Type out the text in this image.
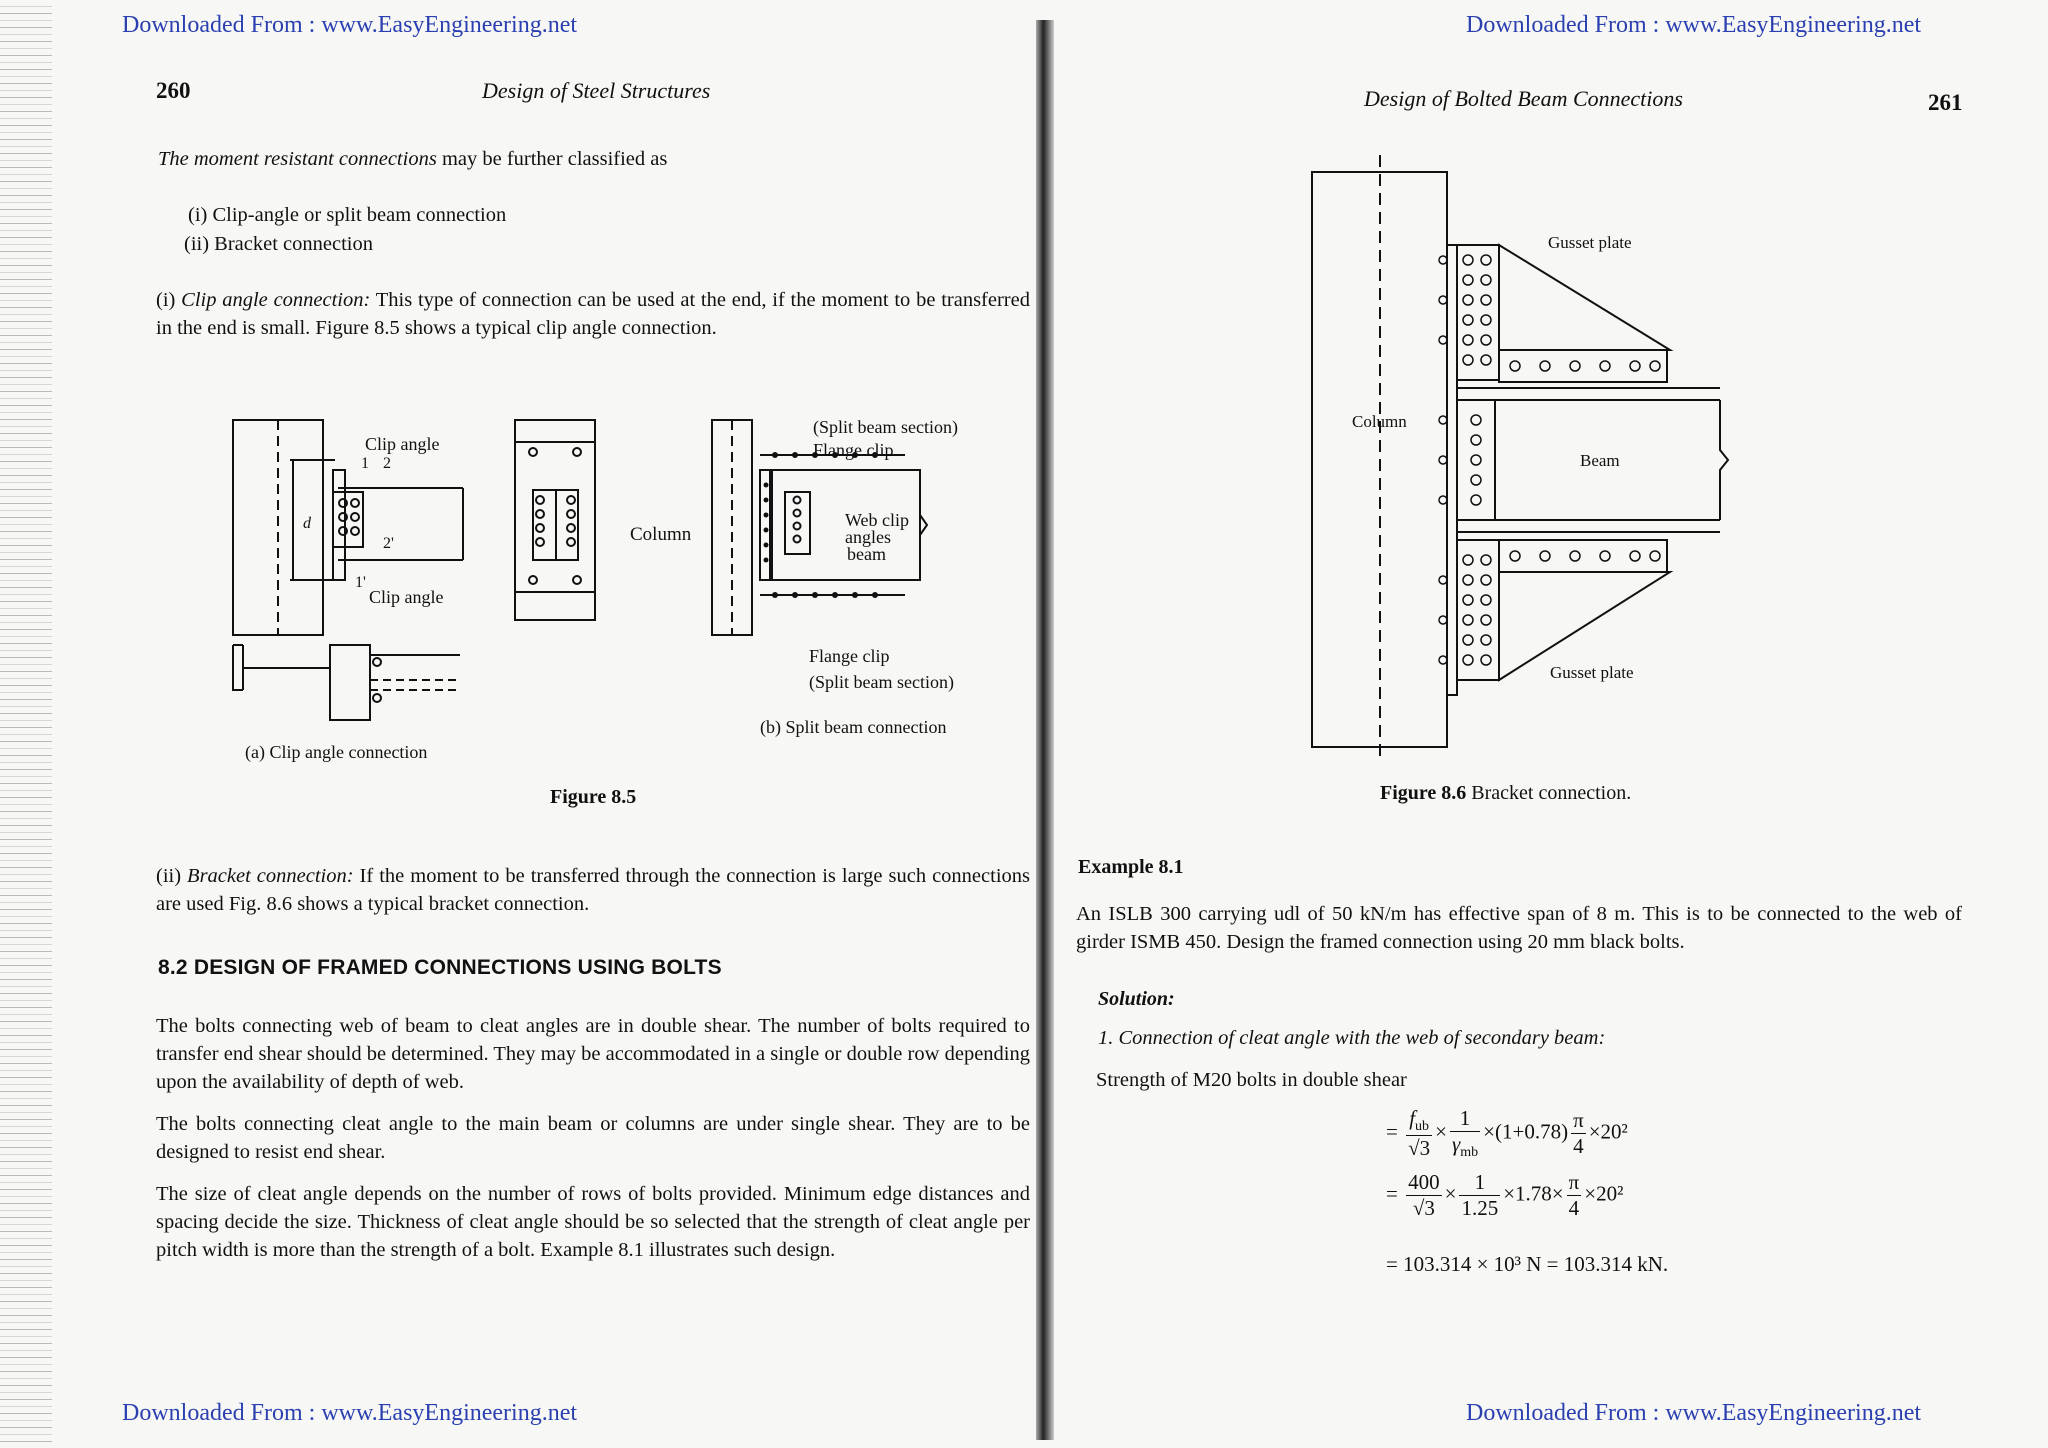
Downloaded From : www.EasyEngineering.net	Downloaded From : www.EasyEngineering.net
Downloaded From : www.EasyEngineering.net	Downloaded From : www.EasyEngineering.net
260	Design of Steel Structures
The moment resistant connections may be further classified as
(i) Clip-angle or split beam connection
(ii) Bracket connection
(i) Clip angle connection: This type of connection can be used at the end, if the moment to be transferred in the end is small. Figure 8.5 shows a typical clip angle connection.
Clip angle
Clip angle
1 2
2'
1'
d
Column
(Split beam section)
Flange clip
Web clip
angles
beam
Flange clip
(Split beam section)
(b) Split beam connection
(a) Clip angle connection
Figure 8.5
(ii) Bracket connection: If the moment to be transferred through the connection is large such connections are used Fig. 8.6 shows a typical bracket connection.
8.2 DESIGN OF FRAMED CONNECTIONS USING BOLTS
The bolts connecting web of beam to cleat angles are in double shear. The number of bolts required to transfer end shear should be determined. They may be accommodated in a single or double row depending upon the availability of depth of web.
The bolts connecting cleat angle to the main beam or columns are under single shear. They are to be designed to resist end shear.
The size of cleat angle depends on the number of rows of bolts provided. Minimum edge distances and spacing decide the size. Thickness of cleat angle should be so selected that the strength of cleat angle per pitch width is more than the strength of a bolt. Example 8.1 illustrates such design.
Design of Bolted Beam Connections	261
Gusset plate
Column
Beam
Gusset plate
Figure 8.6 Bracket connection.
Example 8.1
An ISLB 300 carrying udl of 50 kN/m has effective span of 8 m. This is to be connected to the web of girder ISMB 450. Design the framed connection using 20 mm black bolts.
Solution:
1. Connection of cleat angle with the web of secondary beam:
Strength of M20 bolts in double shear
= $\frac{f_{ub}}{√3} \times \frac{1}{\gamma_{mb}} \times(1+0.78) \frac{\pi}{4} \times 20^2$
= $\frac{400}{√3} \times \frac{1}{1.25} \times 1.78\times \frac{\pi}{4} \times 20^2$
= 103.314 × 10³ N = 103.314 kN.
